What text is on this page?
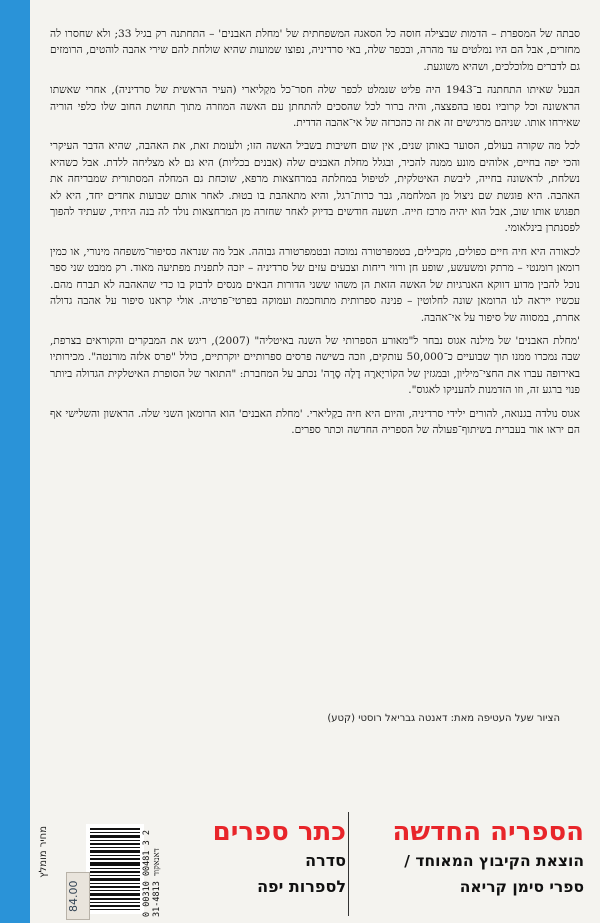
סבתה של המספרת – הדמות שבצילה חוסה כל הסאגה המשפחתית של 'מחלת האבנים' – התחתנה רק בגיל 33; ולא שחסרו לה מחזרים, אבל הם היו נמלטים עד מהרה, ובכפר שלה, באי סרדיניה, נפוצו שמועות שהיא שולחת להם שירי אהבה לוהטים, הרומזים גם לדברים מלוכלכים, ושהיא משוגעת.

הבעל שאיתו התחתנה ב־1943 היה פליט שנמלט לכפר שלה חסר־כל מקַליארי (העיר הראשית של סרדיניה), אחרי שאשתו הראשונה וכל קרוביו נספו בהפצצה, והיה ברור לכל שהסכים להתחתן עם האשה המוזרה מתוך תחושת החוב שלו כלפי הוריה שאירחו אותו. שניהם מרגישים זה את זה כהכרזה של אי־אהבה הדדית.

לכל מה שקורה בעולם, הסוער באותן שנים, אין שום חשיבות בשביל האשה הזו; ולעומת זאת, את האהבה, שהיא הדבר העיקרי והכי יפה בחיים, אלוהים מונע ממנה להכיר, ובגלל מחלת האבנים שלה (אבנים בכליות) היא גם לא מצליחה ללדת. אבל כשהיא נשלחת, לראשונה בחייה, ליבשת האיטלקית, לטיפול במחלתה במרחצאות מרפא, שוכחת גם המחלה המסתורית שמבריחה את האהבה. היא פוגשת שם ניצול מן המלחמה, גבר כרות־רגל, והיא מתאהבת בו בטוּת. לאחר אותם שבועות אחדים יחד, היא לא תפגוש אותו שוב, אבל הוא יהיה מרכז חייה. תשעה חודשים בדיוק לאחר שחזרה מן המרחצאות נולד לה בנה היחיד, שעתיד להפוך לפסנתרן בינלאומי.

לכאורה היא חיה חיים כפולים, מקבילים, בטמפרטורה נמוכה ובטמפרטורה גבוהה. אבל מה שנראה כסיפור־משפחה מינורי, או כמין רומאן רומנטי – מרתק ומשעשע, שופע חן ורווי ריחות וצבעים עזים של סרדיניה – יזכה לתפנית מפתיעה מאוד. רק ממבט שני ספר נוכל להבין מדוע דווקא האנרגיות של האשה הזאת הן משהו ששני הדורות הבאים מנסים לדבוק בו כדי שהאהבה לא תברח מהם. עכשיו ייראה לנו הרומאן שונה לחלוטין – פנינה ספרותית מתוחכמת ועמוקה בפרטי־פרטיה. אולי קראנו סיפור על אהבה גדולה אחרת, במסווה של סיפור על אי־אהבה.

'מחלת האבנים' של מילנה אגוס נבחר ל"מאורע הספרותי של השנה באיטליה" (2007), ריגש את המבקרים והקוראים בצרפת, שבה נמכרו ממנו תוך שבועיים כ־50,000 עותקים, וזכה בשישה פרסים ספרותיים יוקרתיים, כולל "פרס אלזה מורנטה". מכירותיו באירופה עברו את החצי־מיליון, ובמגזין של הקוֹריֶארֶה דֶלָה סֶרָה' נכתב על המחברת: "התואר של הסופרת האיטלקית הגדולה ביותר פנוי ברגע זה, וזו הזדמנות להעניקו לאגוס".

אגוס נולדה בגנואה, להורים ילידי סרדיניה, והיום היא חיה בקַליארי. 'מחלת האבנים' הוא הרומאן השני שלה. הראשון והשלישי אף הם יראו אור בעברית בשיתוף־פעולה של הספריה החדשה וכתר ספרים.

הציור שעל העטיפה מאת: דאנטה גבריאל רוסטי (קטע)
הספריה החדשה
הוצאת הקיבוץ המאוחד /
ספרי סימן קריאה
כתר ספרים
סדרה
לספרות יפה
0 00310 00481 3 2
31-4813 דאנאקוד
84.00
מחיר מומלץ
